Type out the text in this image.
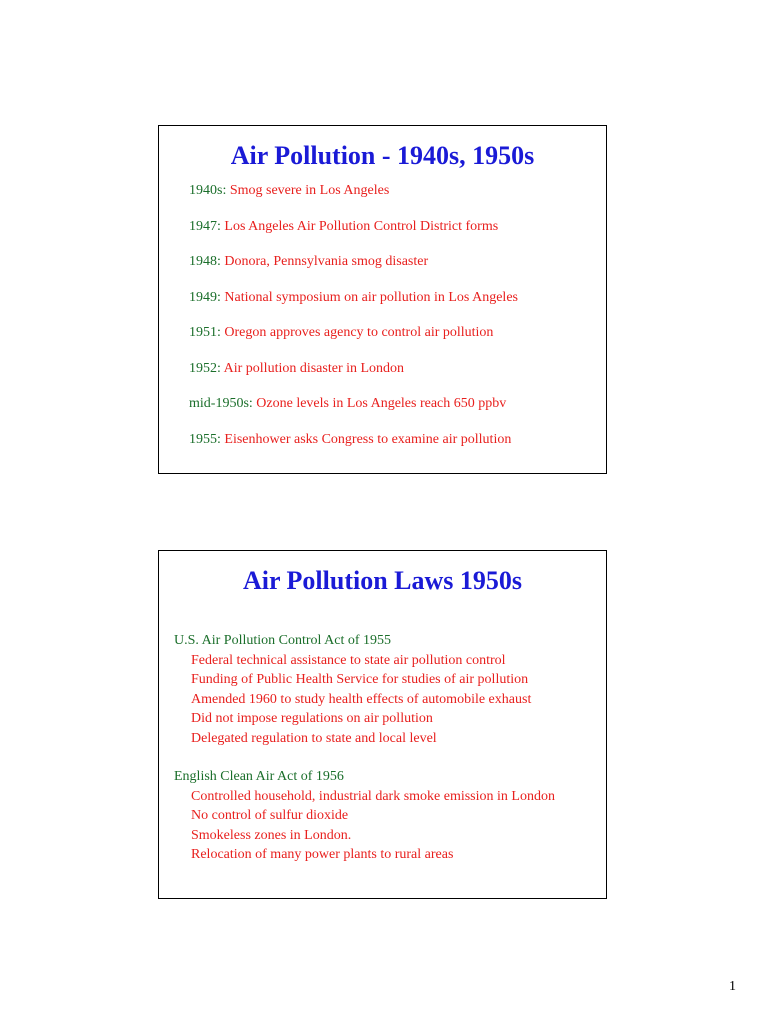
Air Pollution - 1940s, 1950s
1940s: Smog severe in Los Angeles
1947: Los Angeles Air Pollution Control District forms
1948: Donora, Pennsylvania smog disaster
1949: National symposium on air pollution in Los Angeles
1951: Oregon approves agency to control air pollution
1952: Air pollution disaster in London
mid-1950s: Ozone levels in Los Angeles reach 650 ppbv
1955: Eisenhower asks Congress to examine air pollution
Air Pollution Laws 1950s
U.S. Air Pollution Control Act of 1955
Federal technical assistance to state air pollution control
Funding of Public Health Service for studies of air pollution
Amended 1960 to study health effects of automobile exhaust
Did not impose regulations on air pollution
Delegated regulation to state and local level
English Clean Air Act of 1956
Controlled household, industrial dark smoke emission in London
No control of sulfur dioxide
Smokeless zones in London.
Relocation of many power plants to rural areas
1
